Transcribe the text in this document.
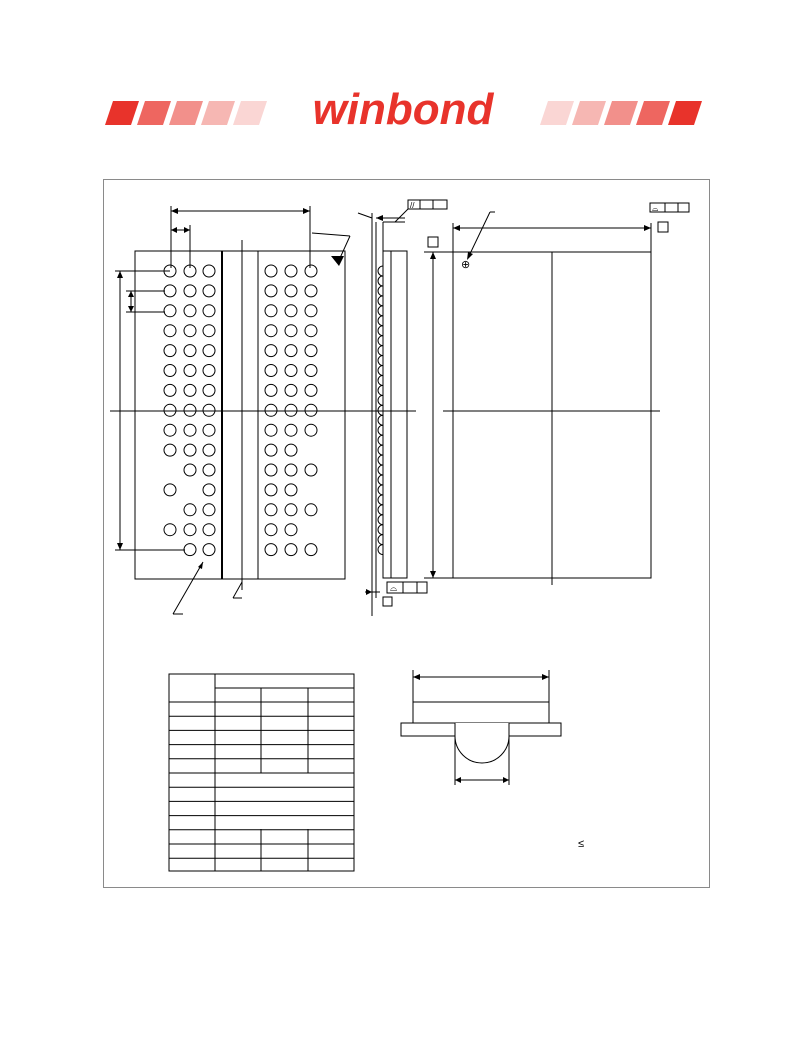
winbond
//
⌓
⌓
⊕
≤
